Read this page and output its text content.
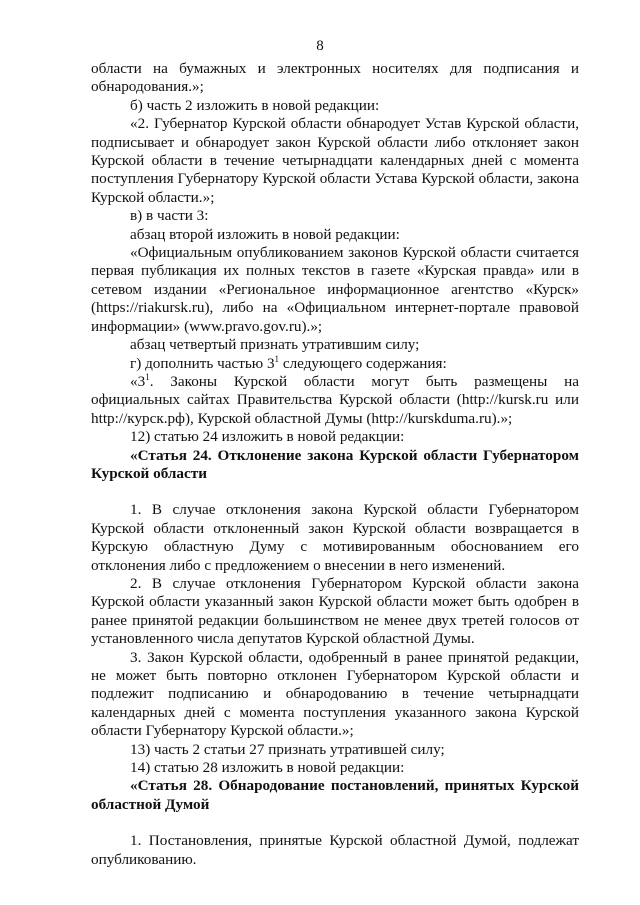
8

области на бумажных и электронных носителях для подписания и обнародования.»;

б) часть 2 изложить в новой редакции:

«2. Губернатор Курской области обнародует Устав Курской области, подписывает и обнародует закон Курской области либо отклоняет закон Курской области в течение четырнадцати календарных дней с момента поступления Губернатору Курской области Устава Курской области, закона Курской области.»;

в) в части 3:

абзац второй изложить в новой редакции:

«Официальным опубликованием законов Курской области считается первая публикация их полных текстов в газете «Курская правда» или в сетевом издании «Региональное информационное агентство «Курск» (https://riakursk.ru), либо на «Официальном интернет-портале правовой информации» (www.pravo.gov.ru).»;

абзац четвертый признать утратившим силу;

г) дополнить частью $3^1$ следующего содержания:

«$3^1$. Законы Курской области могут быть размещены на официальных сайтах Правительства Курской области (http://kursk.ru или http://курск.рф), Курской областной Думы (http://kurskduma.ru).»;

12) статью 24 изложить в новой редакции:

«Статья 24. Отклонение закона Курской области Губернатором Курской области

1. В случае отклонения закона Курской области Губернатором Курской области отклоненный закон Курской области возвращается в Курскую областную Думу с мотивированным обоснованием его отклонения либо с предложением о внесении в него изменений.

2. В случае отклонения Губернатором Курской области закона Курской области указанный закон Курской области может быть одобрен в ранее принятой редакции большинством не менее двух третей голосов от установленного числа депутатов Курской областной Думы.

3. Закон Курской области, одобренный в ранее принятой редакции, не может быть повторно отклонен Губернатором Курской области и подлежит подписанию и обнародованию в течение четырнадцати календарных дней с момента поступления указанного закона Курской области Губернатору Курской области.»;

13) часть 2 статьи 27 признать утратившей силу;

14) статью 28 изложить в новой редакции:

«Статья 28. Обнародование постановлений, принятых Курской областной Думой

1. Постановления, принятые Курской областной Думой, подлежат опубликованию.
